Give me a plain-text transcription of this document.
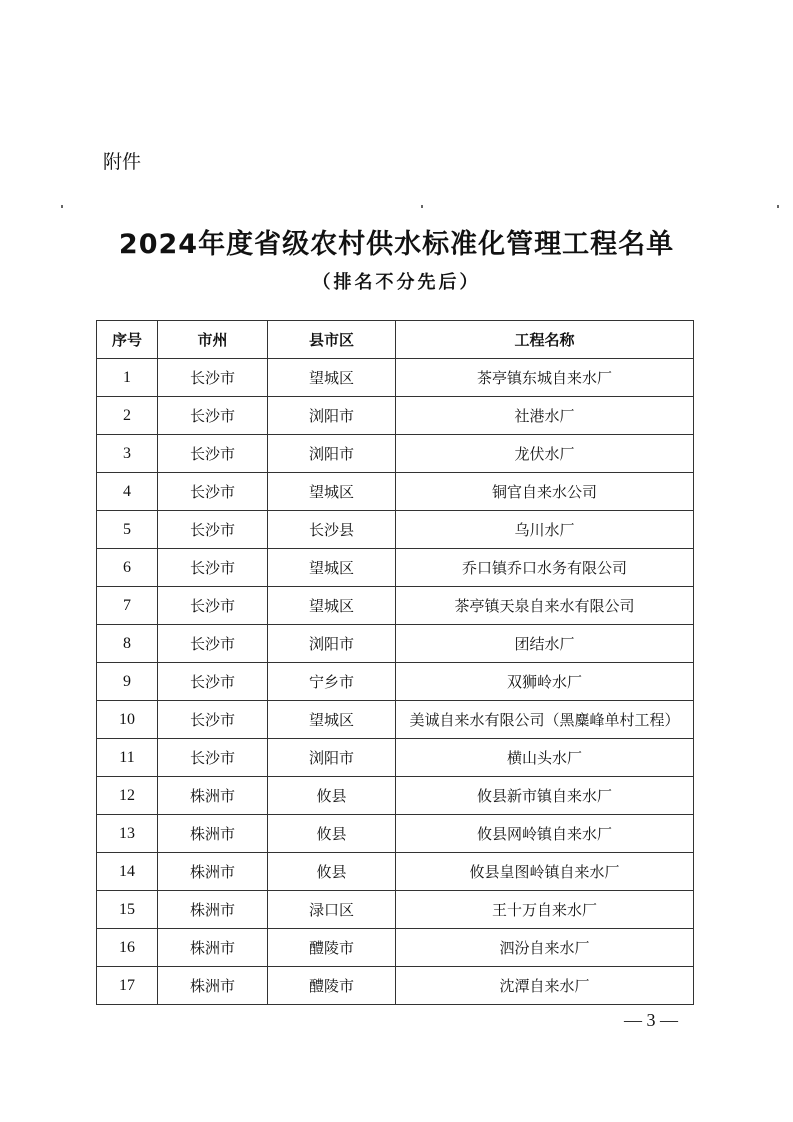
附件
2024年度省级农村供水标准化管理工程名单
（排名不分先后）
序号	市州	县市区	工程名称
1	长沙市	望城区	茶亭镇东城自来水厂
2	长沙市	浏阳市	社港水厂
3	长沙市	浏阳市	龙伏水厂
4	长沙市	望城区	铜官自来水公司
5	长沙市	长沙县	乌川水厂
6	长沙市	望城区	乔口镇乔口水务有限公司
7	长沙市	望城区	茶亭镇天泉自来水有限公司
8	长沙市	浏阳市	团结水厂
9	长沙市	宁乡市	双狮岭水厂
10	长沙市	望城区	美诚自来水有限公司（黑麋峰单村工程）
11	长沙市	浏阳市	横山头水厂
12	株洲市	攸县	攸县新市镇自来水厂
13	株洲市	攸县	攸县网岭镇自来水厂
14	株洲市	攸县	攸县皇图岭镇自来水厂
15	株洲市	渌口区	王十万自来水厂
16	株洲市	醴陵市	泗汾自来水厂
17	株洲市	醴陵市	沈潭自来水厂
— 3 —
